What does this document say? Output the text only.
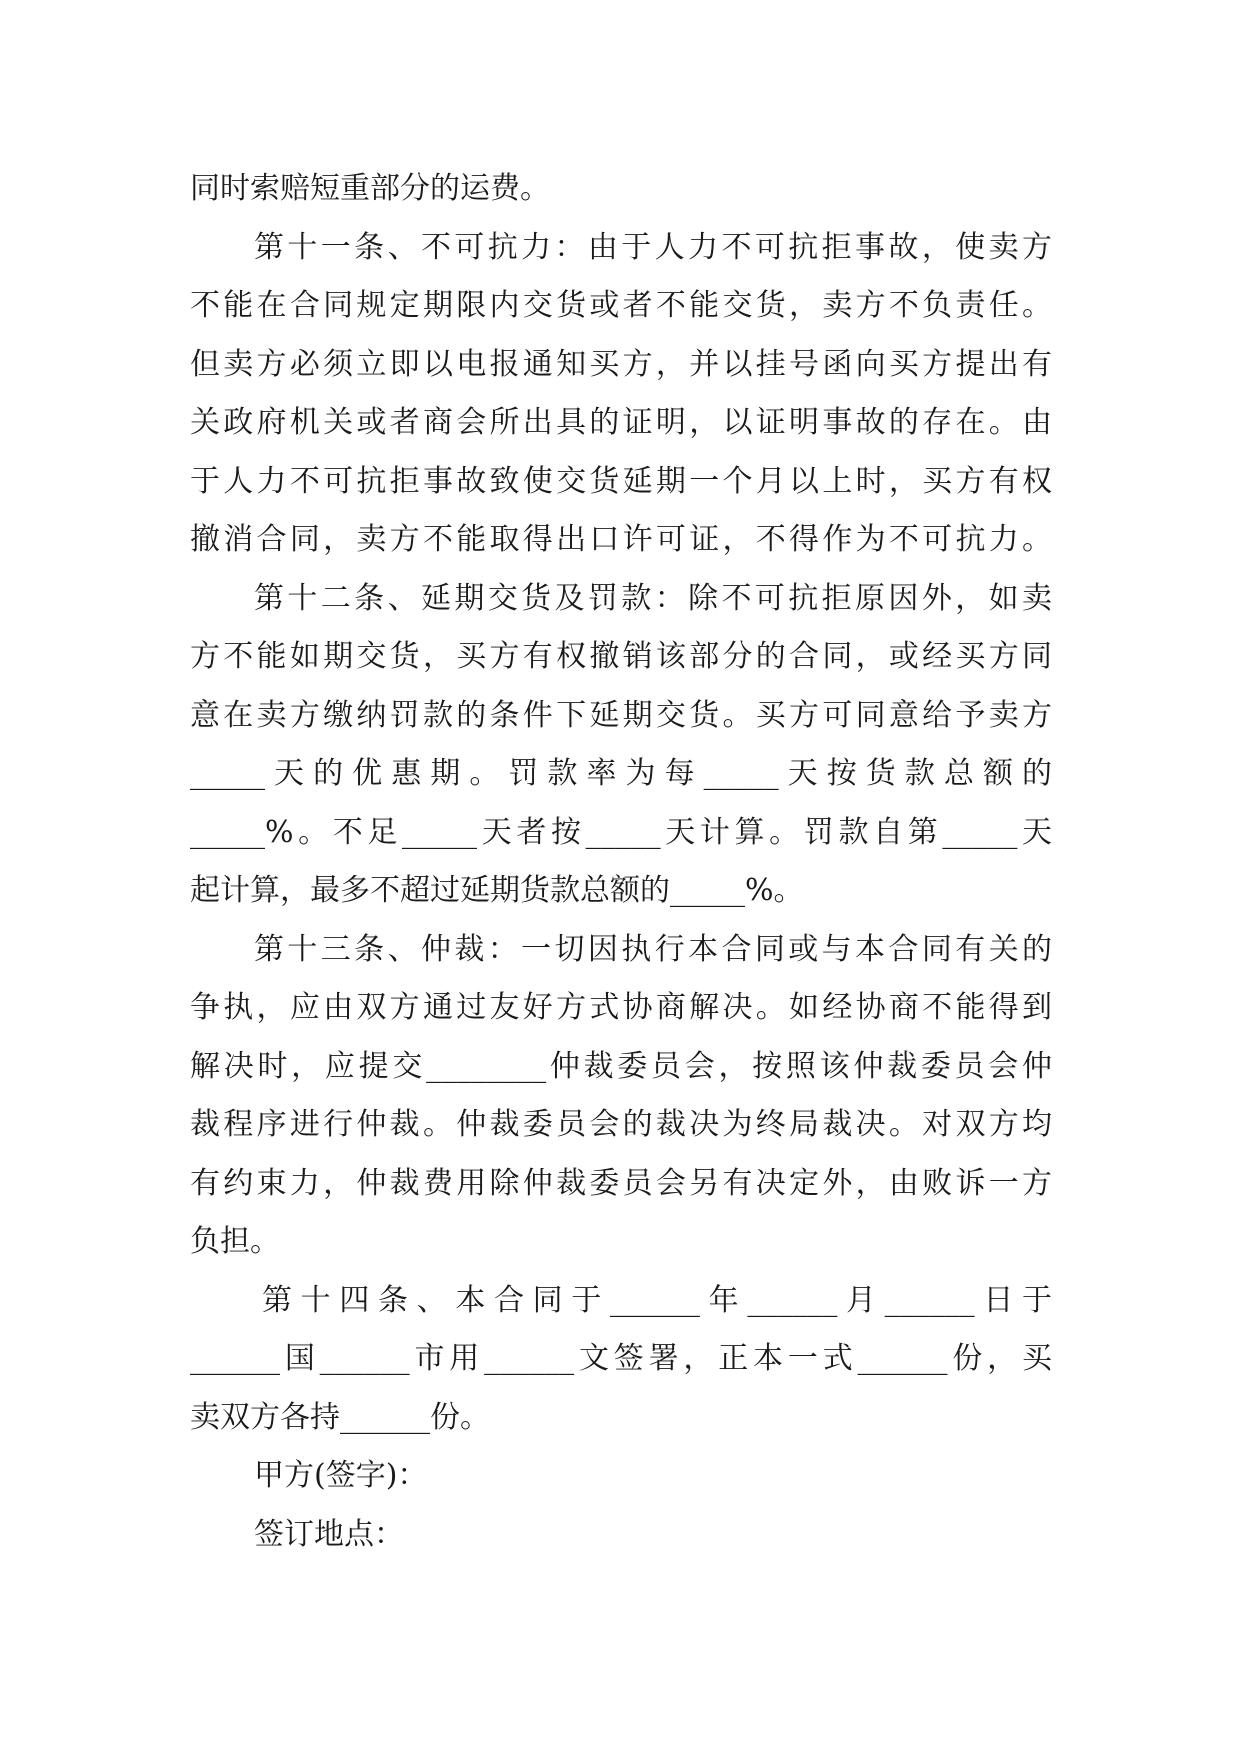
同时索赔短重部分的运费。
第十一条、不可抗力：由于人力不可抗拒事故，使卖方
不能在合同规定期限内交货或者不能交货，卖方不负责任。
但卖方必须立即以电报通知买方，并以挂号函向买方提出有
关政府机关或者商会所出具的证明，以证明事故的存在。由
于人力不可抗拒事故致使交货延期一个月以上时，买方有权
撤消合同，卖方不能取得出口许可证，不得作为不可抗力。
第十二条、延期交货及罚款：除不可抗拒原因外，如卖
方不能如期交货，买方有权撤销该部分的合同，或经买方同
意在卖方缴纳罚款的条件下延期交货。买方可同意给予卖方
_____天的优惠期。罚款率为每_____天按货款总额的
_____%。不足_____天者按_____天计算。罚款自第_____天
起计算，最多不超过延期货款总额的_____%。
第十三条、仲裁：一切因执行本合同或与本合同有关的
争执，应由双方通过友好方式协商解决。如经协商不能得到
解决时，应提交________仲裁委员会，按照该仲裁委员会仲
裁程序进行仲裁。仲裁委员会的裁决为终局裁决。对双方均
有约束力，仲裁费用除仲裁委员会另有决定外，由败诉一方
负担。
第十四条、本合同于______年______月______日于
______国______市用______文签署，正本一式______份，买
卖双方各持______份。
甲方(签字)：
签订地点：
